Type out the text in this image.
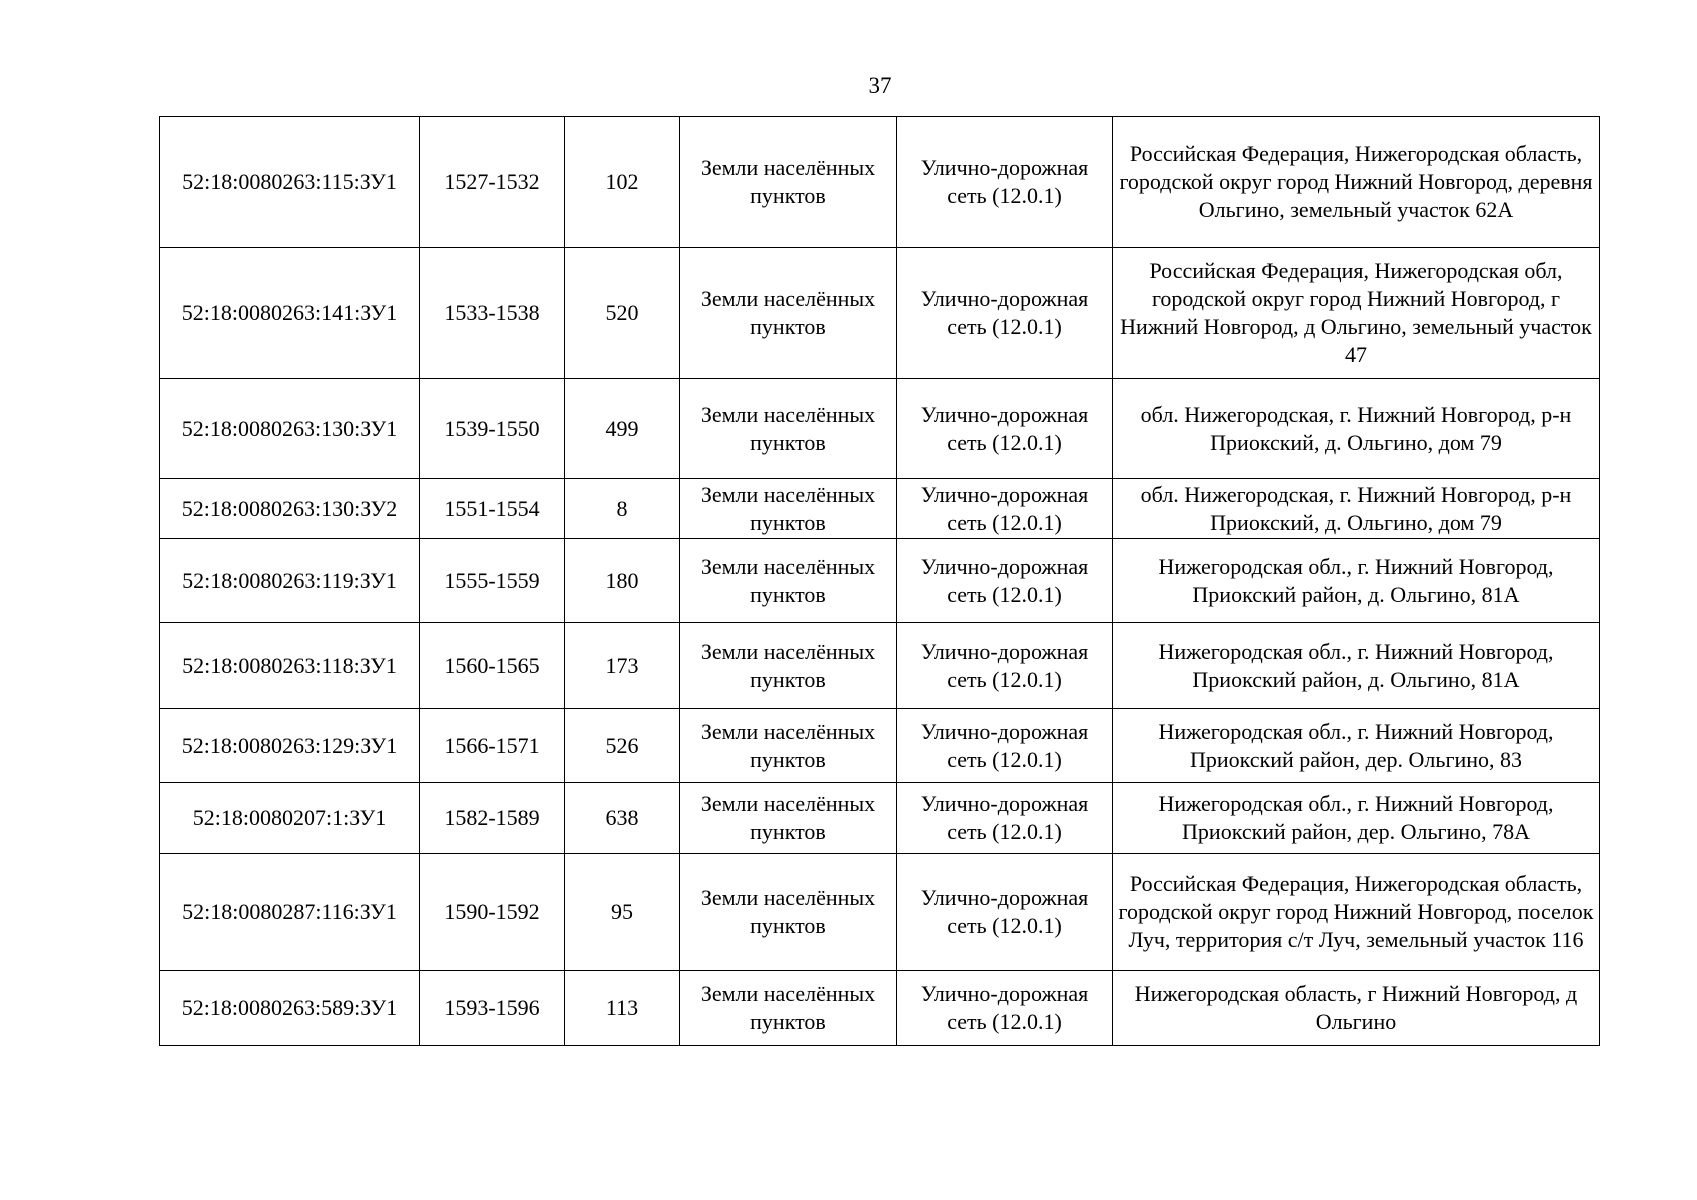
37
52:18:0080263:115:ЗУ1	1527-1532	102	Земли населённых пунктов	Улично-дорожная сеть (12.0.1)	Российская Федерация, Нижегородская область, городской округ город Нижний Новгород, деревня Ольгино, земельный участок 62А
52:18:0080263:141:ЗУ1	1533-1538	520	Земли населённых пунктов	Улично-дорожная сеть (12.0.1)	Российская Федерация, Нижегородская обл, городской округ город Нижний Новгород, г Нижний Новгород, д Ольгино, земельный участок 47
52:18:0080263:130:ЗУ1	1539-1550	499	Земли населённых пунктов	Улично-дорожная сеть (12.0.1)	обл. Нижегородская, г. Нижний Новгород, р-н Приокский, д. Ольгино, дом 79
52:18:0080263:130:ЗУ2	1551-1554	8	Земли населённых пунктов	Улично-дорожная сеть (12.0.1)	обл. Нижегородская, г. Нижний Новгород, р-н Приокский, д. Ольгино, дом 79
52:18:0080263:119:ЗУ1	1555-1559	180	Земли населённых пунктов	Улично-дорожная сеть (12.0.1)	Нижегородская обл., г. Нижний Новгород, Приокский район, д. Ольгино, 81А
52:18:0080263:118:ЗУ1	1560-1565	173	Земли населённых пунктов	Улично-дорожная сеть (12.0.1)	Нижегородская обл., г. Нижний Новгород, Приокский район, д. Ольгино, 81А
52:18:0080263:129:ЗУ1	1566-1571	526	Земли населённых пунктов	Улично-дорожная сеть (12.0.1)	Нижегородская обл., г. Нижний Новгород, Приокский район, дер. Ольгино, 83
52:18:0080207:1:ЗУ1	1582-1589	638	Земли населённых пунктов	Улично-дорожная сеть (12.0.1)	Нижегородская обл., г. Нижний Новгород, Приокский район, дер. Ольгино, 78А
52:18:0080287:116:ЗУ1	1590-1592	95	Земли населённых пунктов	Улично-дорожная сеть (12.0.1)	Российская Федерация, Нижегородская область, городской округ город Нижний Новгород, поселок Луч, территория с/т Луч, земельный участок 116
52:18:0080263:589:ЗУ1	1593-1596	113	Земли населённых пунктов	Улично-дорожная сеть (12.0.1)	Нижегородская область, г Нижний Новгород, д Ольгино
